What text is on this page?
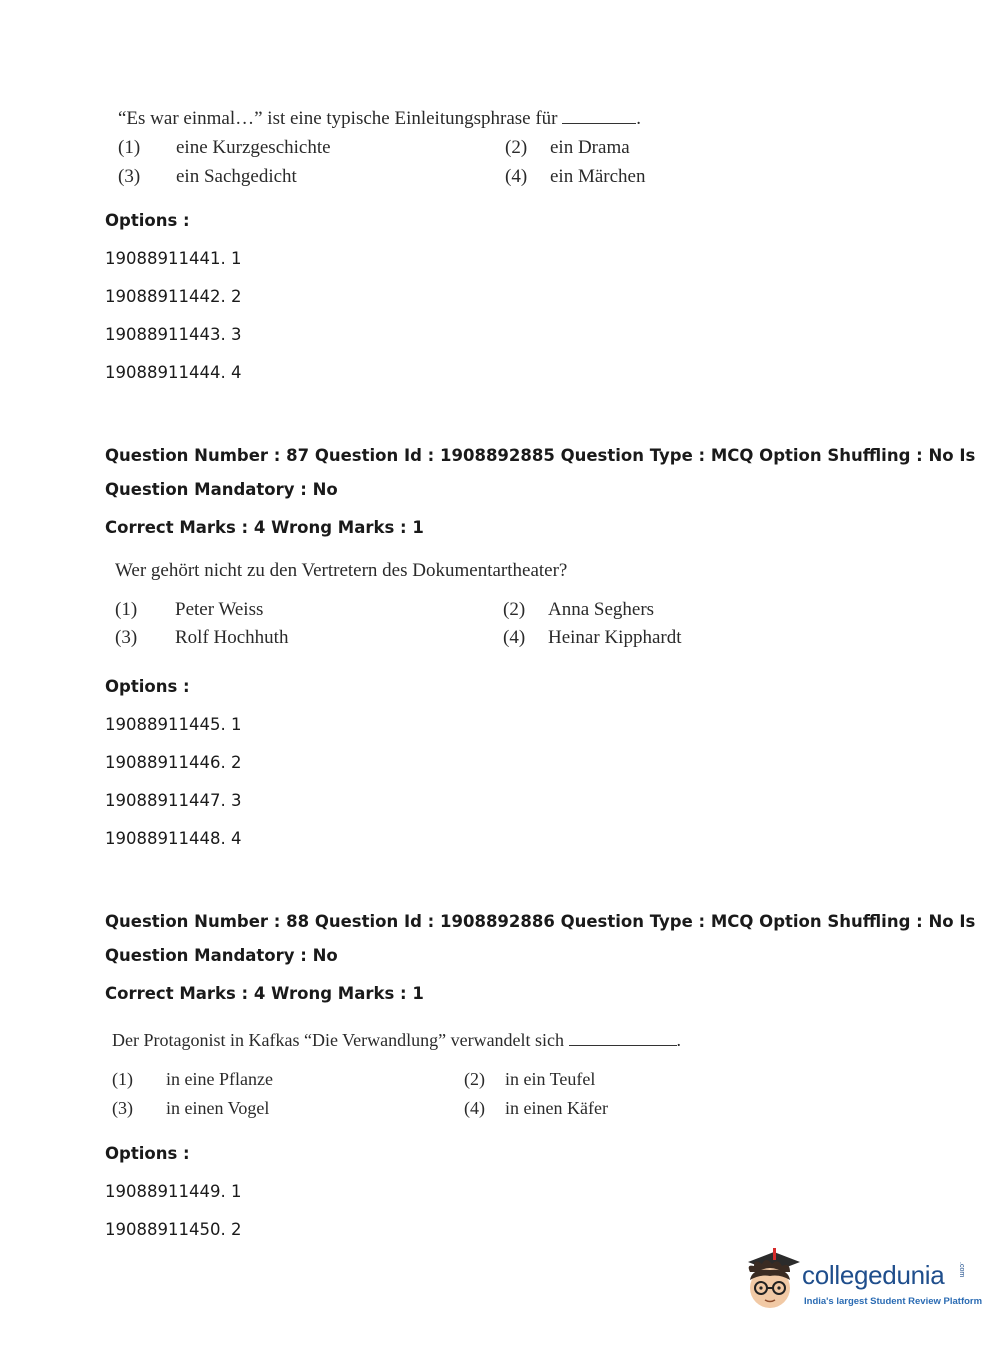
“Es war einmal…” ist eine typische Einleitungsphrase für	.
(1) eine Kurzgeschichte	(2) ein Drama
(3) ein Sachgedicht	(4) ein Märchen
Options :
19088911441. 1
19088911442. 2
19088911443. 3
19088911444. 4
Question Number : 87 Question Id : 1908892885 Question Type : MCQ Option Shuffling : No Is
Question Mandatory : No
Correct Marks : 4 Wrong Marks : 1
Wer gehört nicht zu den Vertretern des Dokumentartheater?
(1) Peter Weiss	(2) Anna Seghers
(3) Rolf Hochhuth	(4) Heinar Kipphardt
Options :
19088911445. 1
19088911446. 2
19088911447. 3
19088911448. 4
Question Number : 88 Question Id : 1908892886 Question Type : MCQ Option Shuffling : No Is
Question Mandatory : No
Correct Marks : 4 Wrong Marks : 1
Der Protagonist in Kafkas “Die Verwandlung” verwandelt sich	.
(1) in eine Pflanze	(2) in ein Teufel
(3) in einen Vogel	(4) in einen Käfer
Options :
19088911449. 1
19088911450. 2
collegedunia .com
India's largest Student Review Platform
